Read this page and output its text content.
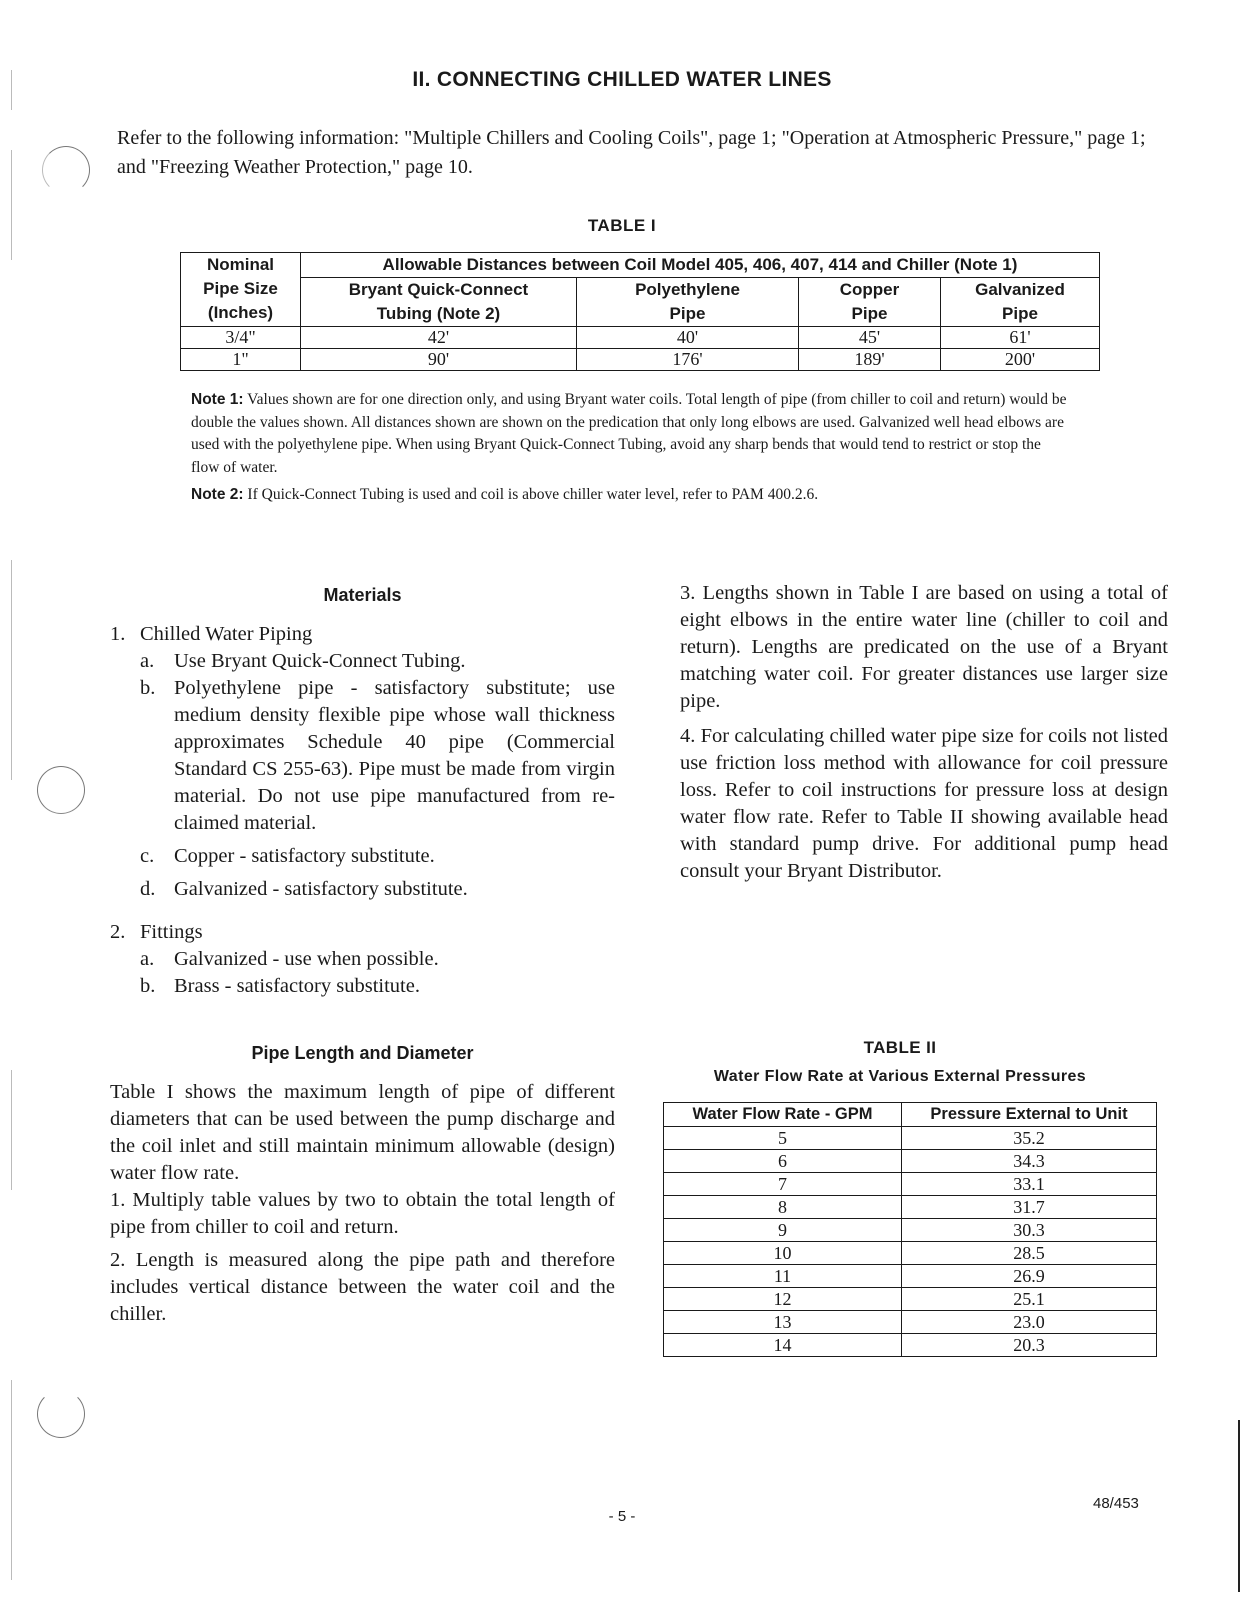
II. CONNECTING CHILLED WATER LINES

Refer to the following information: "Multiple Chillers and Cooling Coils", page 1; "Operation at Atmospheric Pressure," page 1; and "Freezing Weather Protection," page 10.

TABLE I
Nominal
Pipe Size
(Inches)	Allowable Distances between Coil Model 405, 406, 407, 414 and Chiller (Note 1)			

Bryant Quick-Connect
Tubing (Note 2)

Polyethylene
Pipe

Copper
Pipe

Galvanized
Pipe

3/4"	42'	40'	45'	61'
1"	90'	176'	189'	200'

Note 1: Values shown are for one direction only, and using Bryant water coils. Total length of pipe (from chiller to coil and return) would be double the values shown. All distances shown are shown on the predication that only long elbows are used. Galvanized well head elbows are used with the polyethylene pipe. When using Bryant Quick-Connect Tubing, avoid any sharp bends that would tend to restrict or stop the flow of water.

Note 2: If Quick-Connect Tubing is used and coil is above chiller water level, refer to PAM 400.2.6.

Materials
1. Chilled Water Piping
a. Use Bryant Quick-Connect Tubing.
b. Polyethylene pipe - satisfactory substitute; use medium density flexible pipe whose wall thickness approximates Schedule 40 pipe (Commercial Standard CS 255-63). Pipe must be made from virgin material. Do not use pipe manufactured from re-claimed material.
c. Copper - satisfactory substitute.
d. Galvanized - satisfactory substitute.
2. Fittings
a. Galvanized - use when possible.
b. Brass - satisfactory substitute.
Pipe Length and Diameter

Table I shows the maximum length of pipe of different diameters that can be used between the pump discharge and the coil inlet and still maintain minimum allowable (design) water flow rate.

1. Multiply table values by two to obtain the total length of pipe from chiller to coil and return.

2. Length is measured along the pipe path and therefore includes vertical distance between the water coil and the chiller.

3. Lengths shown in Table I are based on using a total of eight elbows in the entire water line (chiller to coil and return). Lengths are predicated on the use of a Bryant matching water coil. For greater distances use larger size pipe.

4. For calculating chilled water pipe size for coils not listed use friction loss method with allowance for coil pressure loss. Refer to coil instructions for pressure loss at design water flow rate. Refer to Table II showing available head with standard pump drive. For additional pump head consult your Bryant Distributor.

TABLE II
Water Flow Rate at Various External Pressures
Water Flow Rate - GPM	Pressure External to Unit
5	35.2
6	34.3
7	33.1
8	31.7
9	30.3
10	28.5
11	26.9
12	25.1
13	23.0
14	20.3
- 5 -
48/453
